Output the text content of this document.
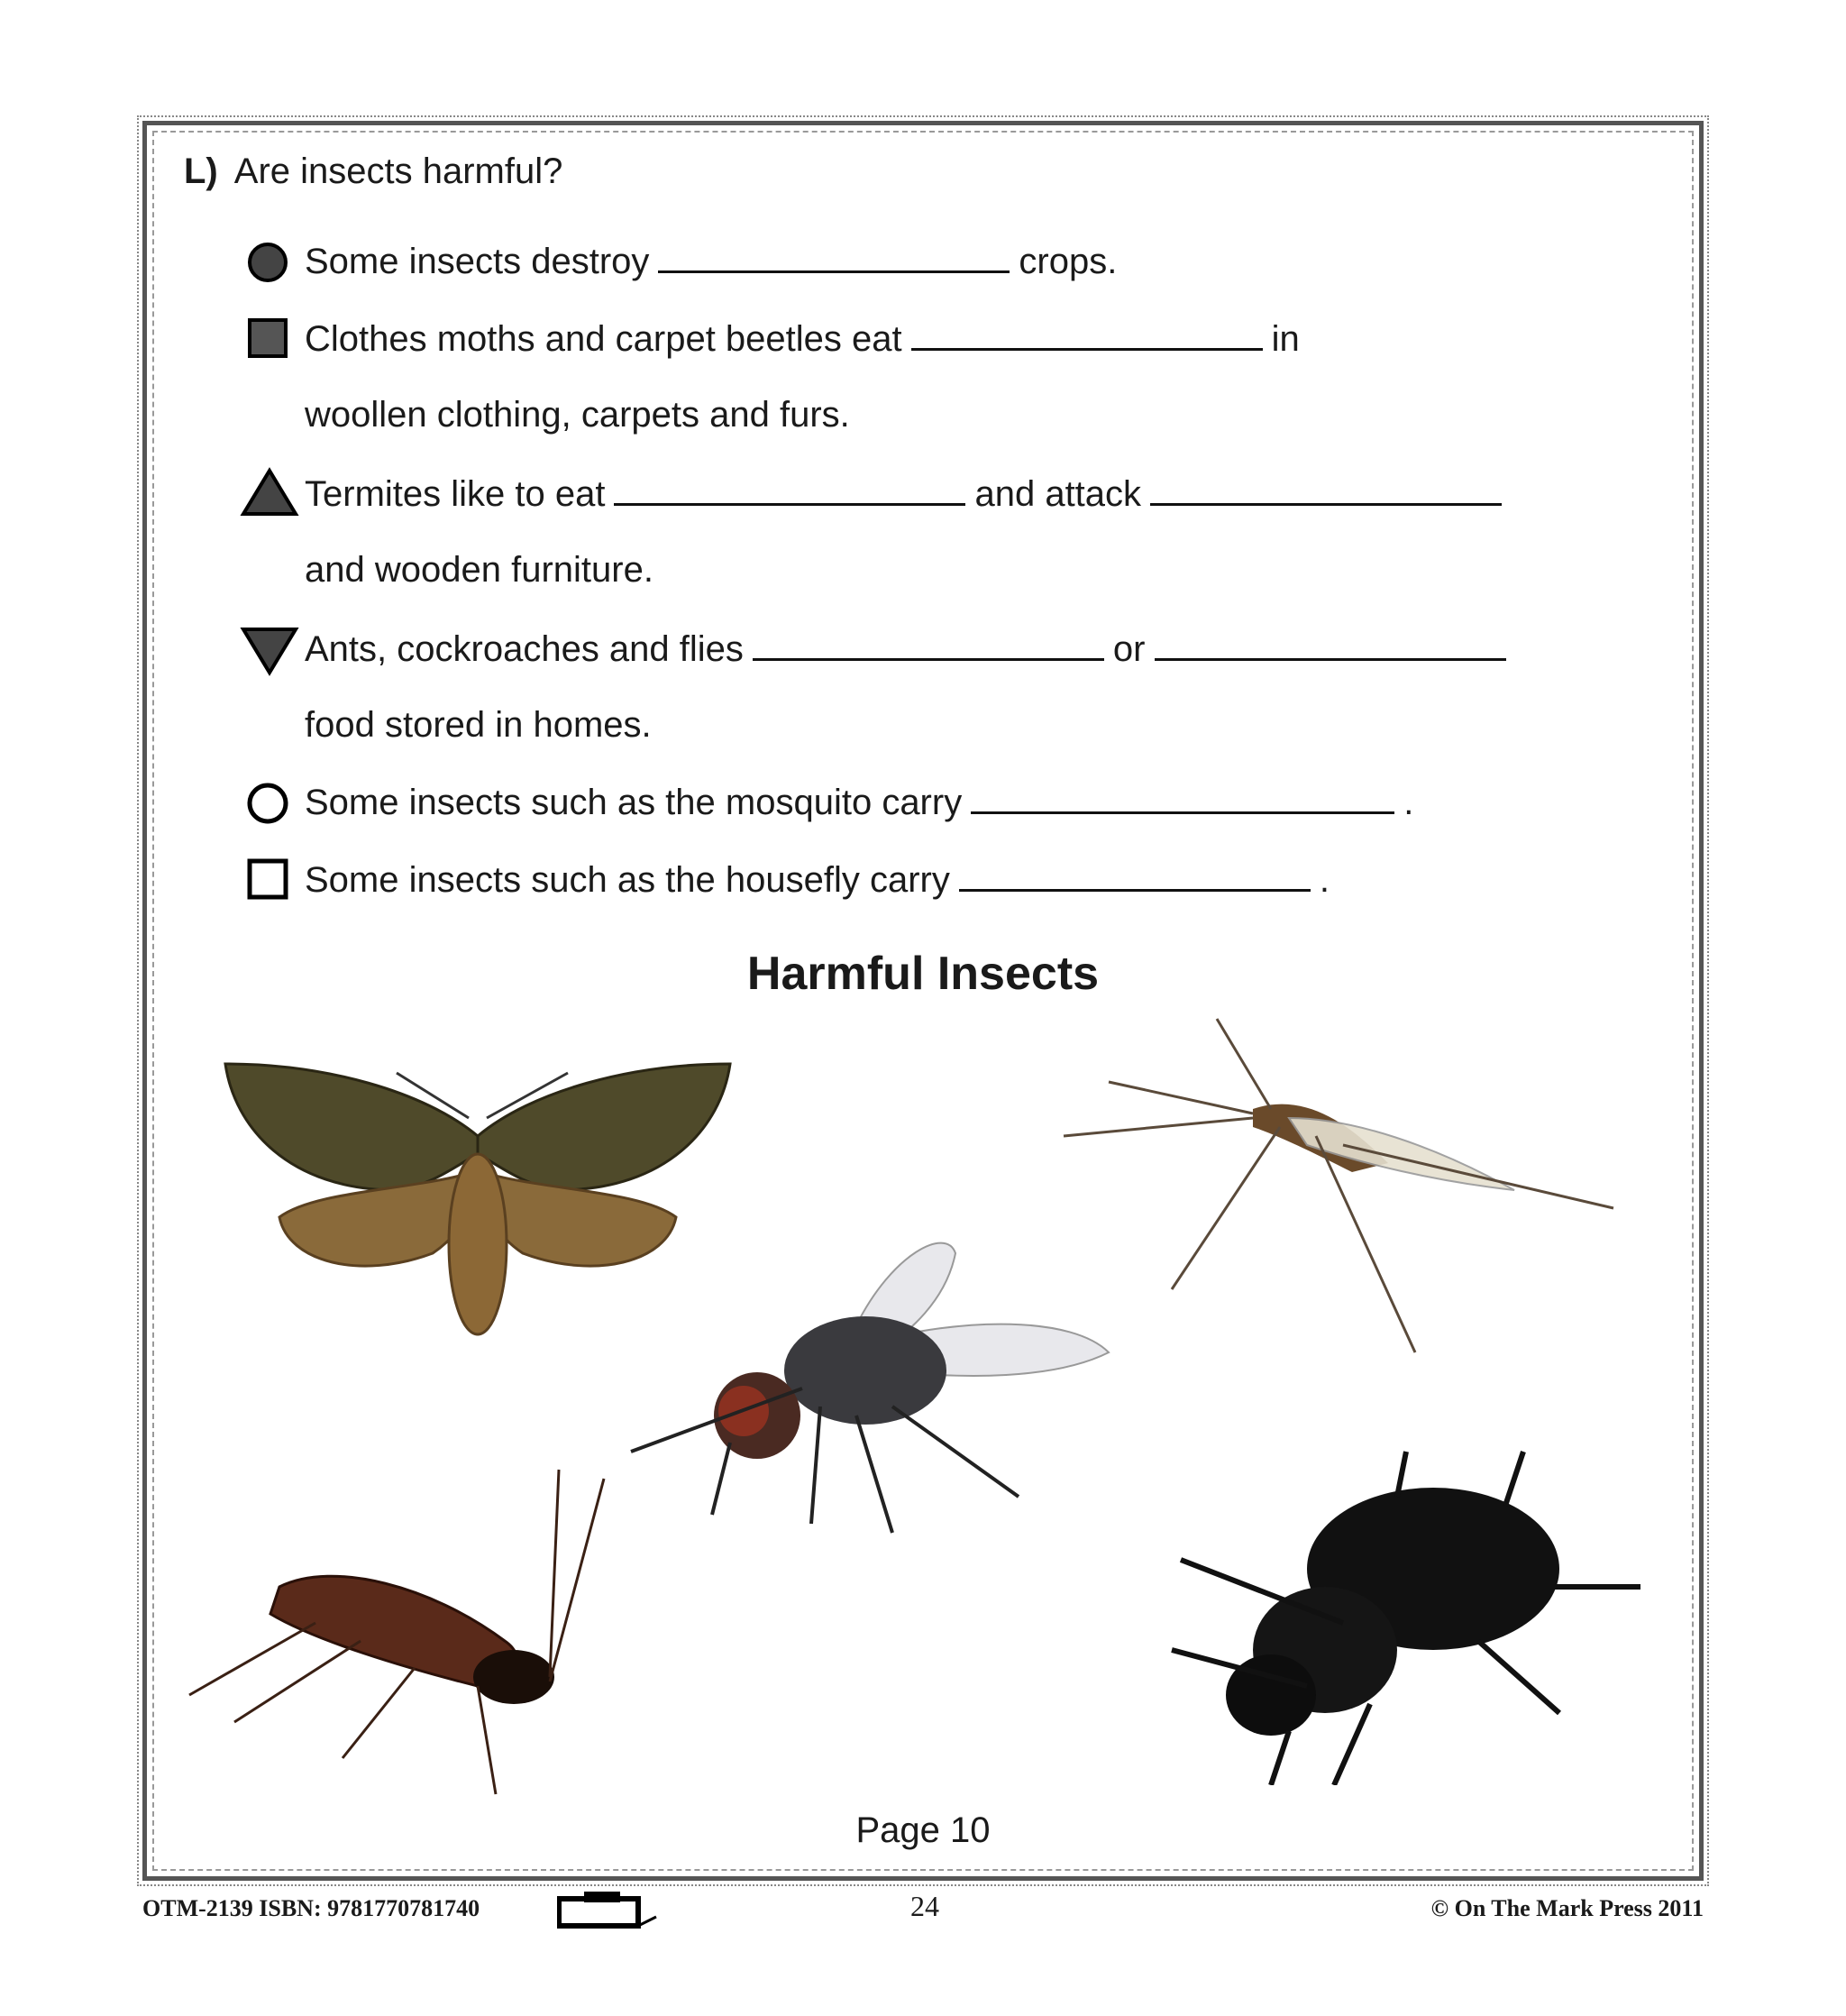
L) Are insects harmful?
Some insects destroy	crops.
Clothes moths and carpet beetles eat	in
woollen clothing, carpets and furs.
Termites like to eat	and attack
and wooden furniture.
Ants, cockroaches and flies	or
food stored in homes.
Some insects such as the mosquito carry	.
Some insects such as the housefly carry	.
Harmful Insects
Page 10
OTM-2139 ISBN: 9781770781740	24	© On The Mark Press 2011
